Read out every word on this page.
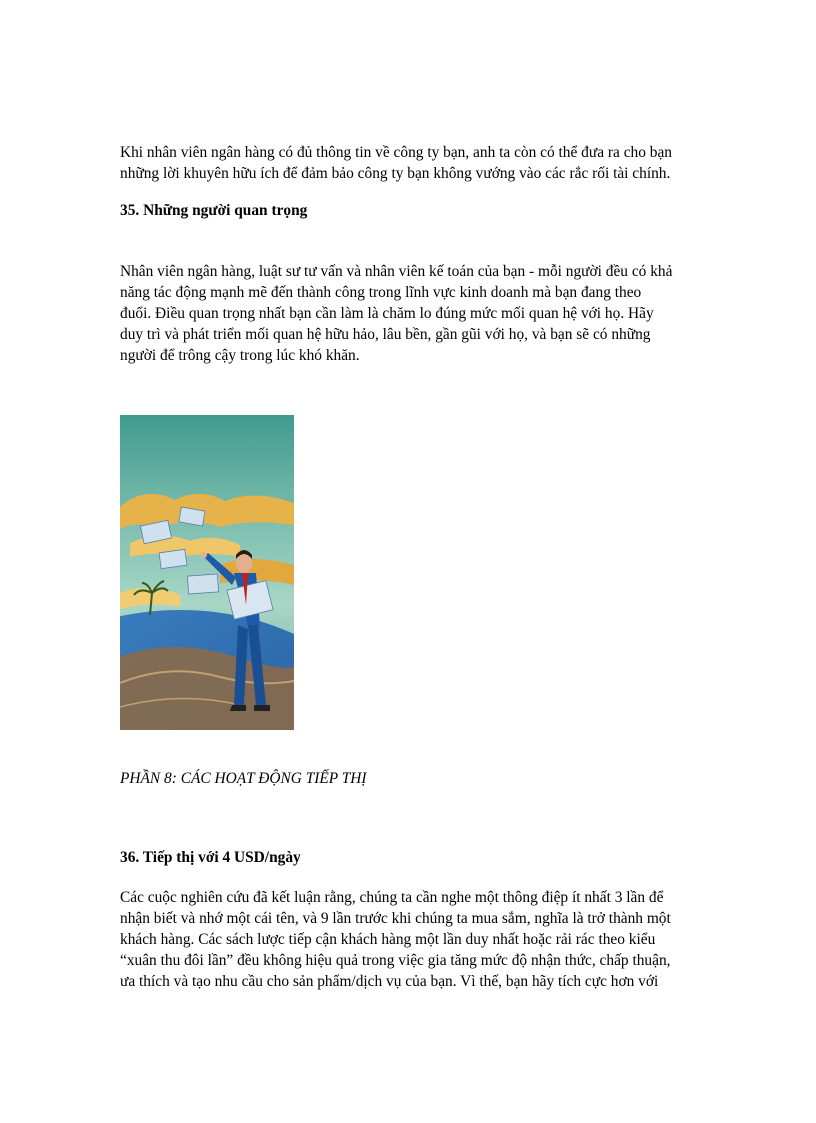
Khi nhân viên ngân hàng có đủ thông tin về công ty bạn, anh ta còn có thể đưa ra cho bạn
những lời khuyên hữu ích để đảm bảo công ty bạn không vướng vào các rắc rối tài chính.

35. Những người quan trọng

Nhân viên ngân hàng, luật sư tư vấn và nhân viên kế toán của bạn - mỗi người đều có khả
năng tác động mạnh mẽ đến thành công trong lĩnh vực kinh doanh mà bạn đang theo
đuổi. Điều quan trọng nhất bạn cần làm là chăm lo đúng mức mối quan hệ với họ. Hãy
duy trì và phát triển mối quan hệ hữu hảo, lâu bền, gần gũi với họ, và bạn sẽ có những
người để trông cậy trong lúc khó khăn.

PHẦN 8: CÁC HOẠT ĐỘNG TIẾP THỊ

36. Tiếp thị với 4 USD/ngày

Các cuộc nghiên cứu đã kết luận rằng, chúng ta cần nghe một thông điệp ít nhất 3 lần để
nhận biết và nhớ một cái tên, và 9 lần trước khi chúng ta mua sắm, nghĩa là trở thành một
khách hàng. Các sách lược tiếp cận khách hàng một lần duy nhất hoặc rải rác theo kiểu
“xuân thu đôi lần” đều không hiệu quả trong việc gia tăng mức độ nhận thức, chấp thuận,
ưa thích và tạo nhu cầu cho sản phẩm/dịch vụ của bạn. Vì thế, bạn hãy tích cực hơn với
